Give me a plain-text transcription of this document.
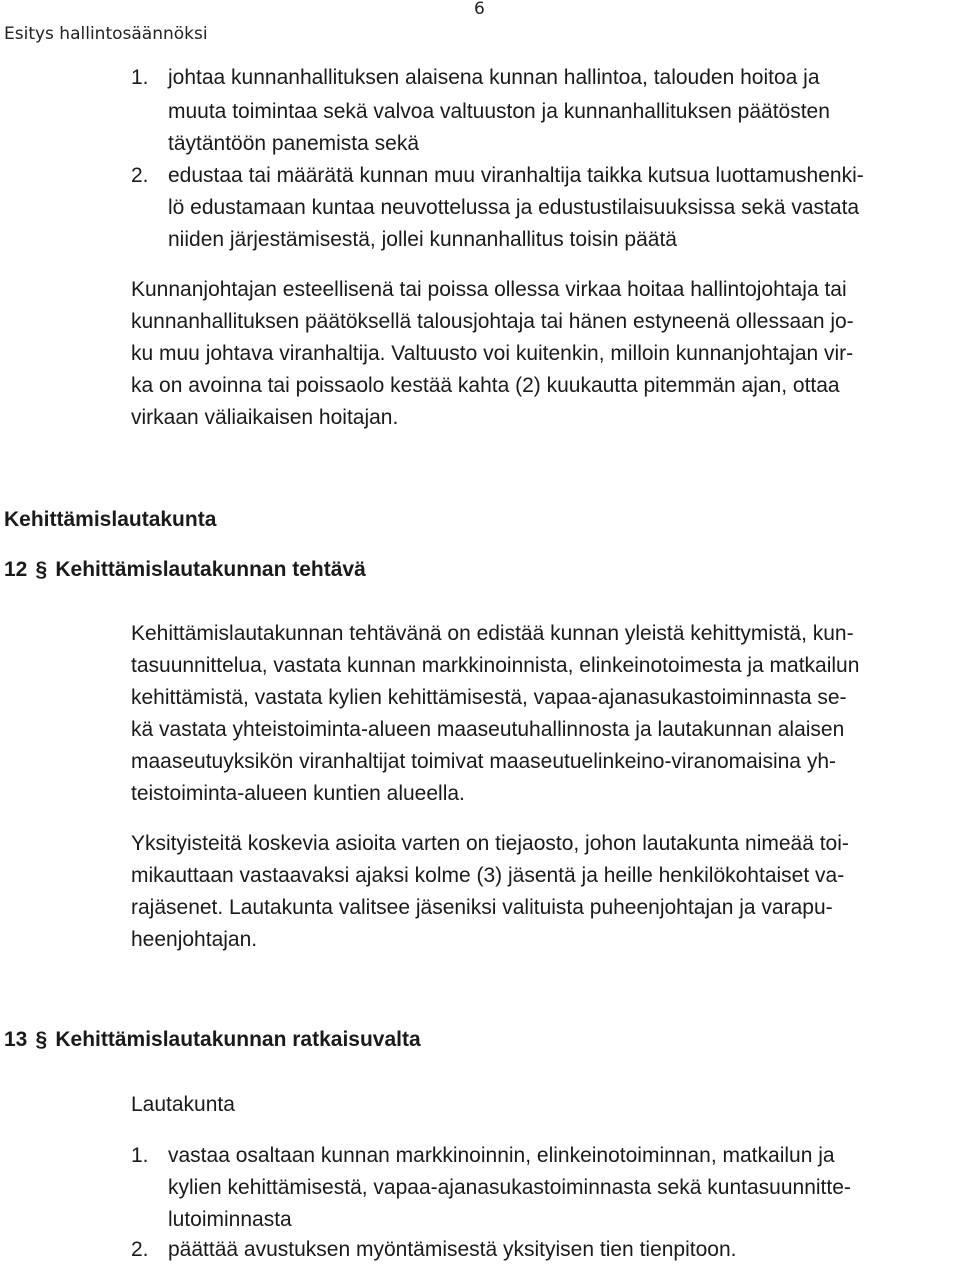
6
Esitys hallintosäännöksi
1. johtaa kunnanhallituksen alaisena kunnan hallintoa, talouden hoitoa ja
muuta toimintaa sekä valvoa valtuuston ja kunnanhallituksen päätösten
täytäntöön panemista sekä
2. edustaa tai määrätä kunnan muu viranhaltija taikka kutsua luottamushenki-
lö edustamaan kuntaa neuvottelussa ja edustustilaisuuksissa sekä vastata
niiden järjestämisestä, jollei kunnanhallitus toisin päätä
Kunnanjohtajan esteellisenä tai poissa ollessa virkaa hoitaa hallintojohtaja tai
kunnanhallituksen päätöksellä talousjohtaja tai hänen estyneenä ollessaan jo-
ku muu johtava viranhaltija. Valtuusto voi kuitenkin, milloin kunnanjohtajan vir-
ka on avoinna tai poissaolo kestää kahta (2) kuukautta pitemmän ajan, ottaa
virkaan väliaikaisen hoitajan.
Kehittämislautakunta
12 § Kehittämislautakunnan tehtävä
Kehittämislautakunnan tehtävänä on edistää kunnan yleistä kehittymistä, kun-
tasuunnittelua, vastata kunnan markkinoinnista, elinkeinotoimesta ja matkailun
kehittämistä, vastata kylien kehittämisestä, vapaa-ajanasukastoiminnasta se-
kä vastata yhteistoiminta-alueen maaseutuhallinnosta ja lautakunnan alaisen
maaseutuyksikön viranhaltijat toimivat maaseutuelinkeino-viranomaisina yh-
teistoiminta-alueen kuntien alueella.
Yksityisteitä koskevia asioita varten on tiejaosto, johon lautakunta nimeää toi-
mikauttaan vastaavaksi ajaksi kolme (3) jäsentä ja heille henkilökohtaiset va-
rajäsenet. Lautakunta valitsee jäseniksi valituista puheenjohtajan ja varapu-
heenjohtajan.
13 § Kehittämislautakunnan ratkaisuvalta
Lautakunta
1. vastaa osaltaan kunnan markkinoinnin, elinkeinotoiminnan, matkailun ja
kylien kehittämisestä, vapaa-ajanasukastoiminnasta sekä kuntasuunnitte-
lutoiminnasta
2. päättää avustuksen myöntämisestä yksityisen tien tienpitoon.
